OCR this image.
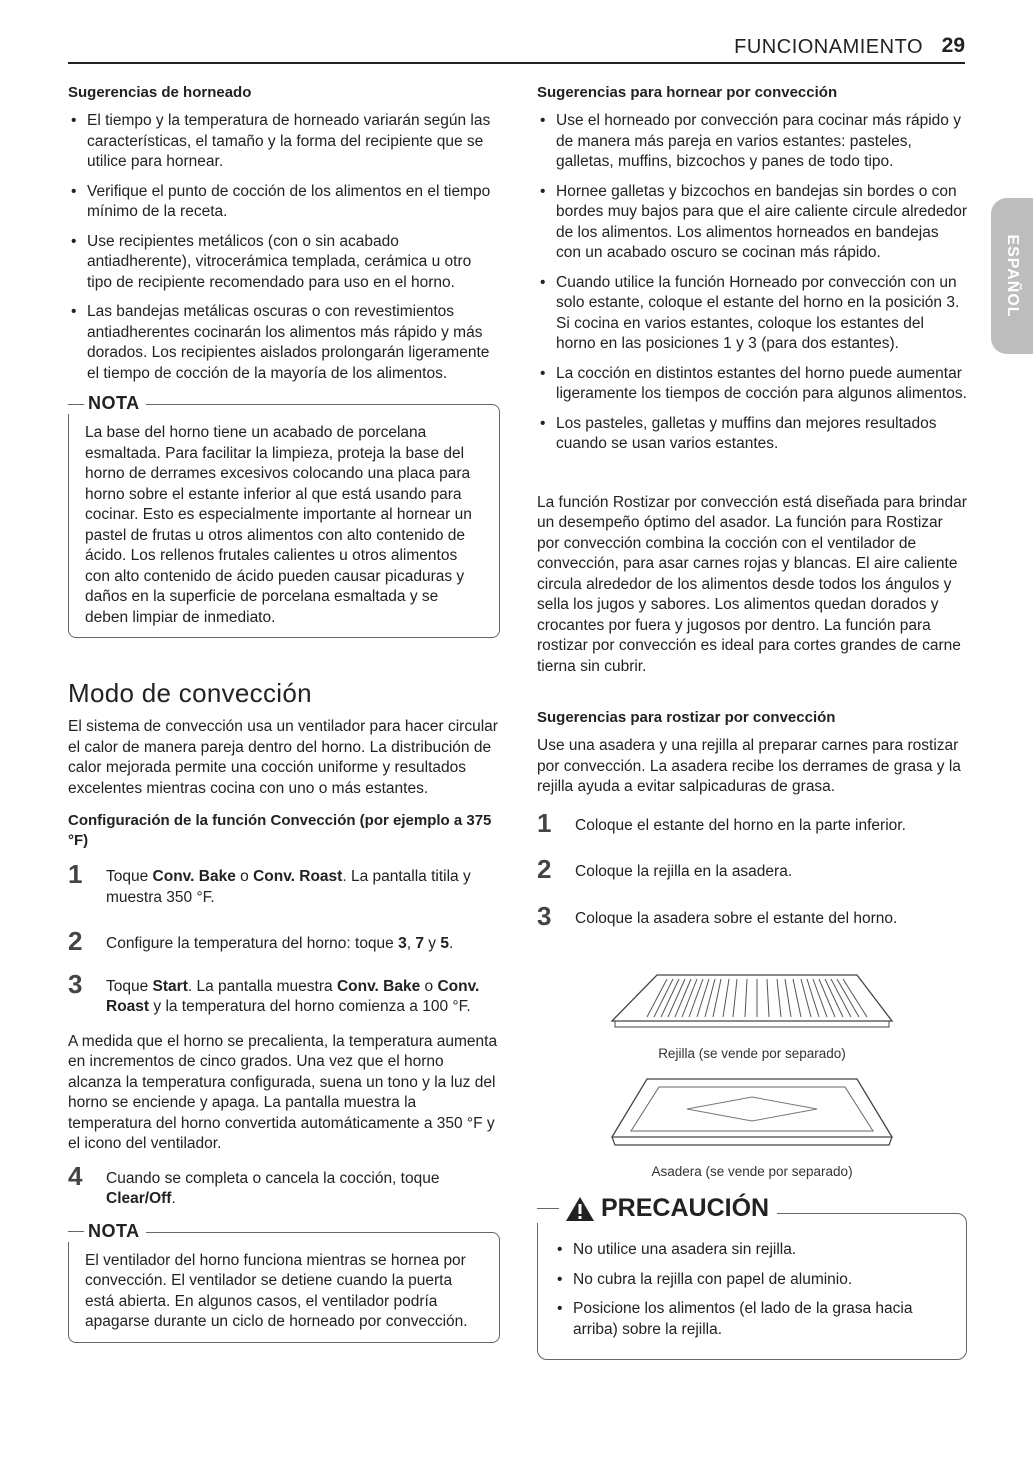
FUNCIONAMIENTO 29
ESPAÑOL
Sugerencias de horneado
• El tiempo y la temperatura de horneado variarán según las características, el tamaño y la forma del recipiente que se utilice para hornear.
• Verifique el punto de cocción de los alimentos en el tiempo mínimo de la receta.
• Use recipientes metálicos (con o sin acabado antiadherente), vitrocerámica templada, cerámica u otro tipo de recipiente recomendado para uso en el horno.
• Las bandejas metálicas oscuras o con revestimientos antiadherentes cocinarán los alimentos más rápido y más dorados. Los recipientes aislados prolongarán ligeramente el tiempo de cocción de la mayoría de los alimentos.
NOTA

La base del horno tiene un acabado de porcelana esmaltada. Para facilitar la limpieza, proteja la base del horno de derrames excesivos colocando una placa para horno sobre el estante inferior al que está usando para cocinar. Esto es especialmente importante al hornear un pastel de frutas u otros alimentos con alto contenido de ácido. Los rellenos frutales calientes u otros alimentos con alto contenido de ácido pueden causar picaduras y daños en la superficie de porcelana esmaltada y se deben limpiar de inmediato.

Modo de convección

El sistema de convección usa un ventilador para hacer circular el calor de manera pareja dentro del horno. La distribución de calor mejorada permite una cocción uniforme y resultados excelentes mientras cocina con uno o más estantes.

Configuración de la función Convección (por ejemplo a 375 °F)
1 Toque Conv. Bake o Conv. Roast. La pantalla titila y muestra 350 °F.
2 Configure la temperatura del horno: toque 3, 7 y 5.
3 Toque Start. La pantalla muestra Conv. Bake o Conv. Roast y la temperatura del horno comienza a 100 °F.

A medida que el horno se precalienta, la temperatura aumenta en incrementos de cinco grados. Una vez que el horno alcanza la temperatura configurada, suena un tono y la luz del horno se enciende y apaga. La pantalla muestra la temperatura del horno convertida automáticamente a 350 °F y el icono del ventilador.

4 Cuando se completa o cancela la cocción, toque Clear/Off.
NOTA

El ventilador del horno funciona mientras se hornea por convección. El ventilador se detiene cuando la puerta está abierta. En algunos casos, el ventilador podría apagarse durante un ciclo de horneado por convección.

Sugerencias para hornear por convección
• Use el horneado por convección para cocinar más rápido y de manera más pareja en varios estantes: pasteles, galletas, muffins, bizcochos y panes de todo tipo.
• Hornee galletas y bizcochos en bandejas sin bordes o con bordes muy bajos para que el aire caliente circule alrededor de los alimentos. Los alimentos horneados en bandejas con un acabado oscuro se cocinan más rápido.
• Cuando utilice la función Horneado por convección con un solo estante, coloque el estante del horno en la posición 3. Si cocina en varios estantes, coloque los estantes del horno en las posiciones 1 y 3 (para dos estantes).
• La cocción en distintos estantes del horno puede aumentar ligeramente los tiempos de cocción para algunos alimentos.
• Los pasteles, galletas y muffins dan mejores resultados cuando se usan varios estantes.

La función Rostizar por convección está diseñada para brindar un desempeño óptimo del asador. La función para Rostizar por convección combina la cocción con el ventilador de convección, para asar carnes rojas y blancas. El aire caliente circula alrededor de los alimentos desde todos los ángulos y sella los jugos y sabores. Los alimentos quedan dorados y crocantes por fuera y jugosos por dentro. La función para rostizar por convección es ideal para cortes grandes de carne tierna sin cubrir.

Sugerencias para rostizar por convección

Use una asadera y una rejilla al preparar carnes para rostizar por convección. La asadera recibe los derrames de grasa y la rejilla ayuda a evitar salpicaduras de grasa.

1 Coloque el estante del horno en la parte inferior.
2 Coloque la rejilla en la asadera.
3 Coloque la asadera sobre el estante del horno.
Rejilla (se vende por separado)
Asadera (se vende por separado)
PRECAUCIÓN
• No utilice una asadera sin rejilla.
• No cubra la rejilla con papel de aluminio.
• Posicione los alimentos (el lado de la grasa hacia arriba) sobre la rejilla.
